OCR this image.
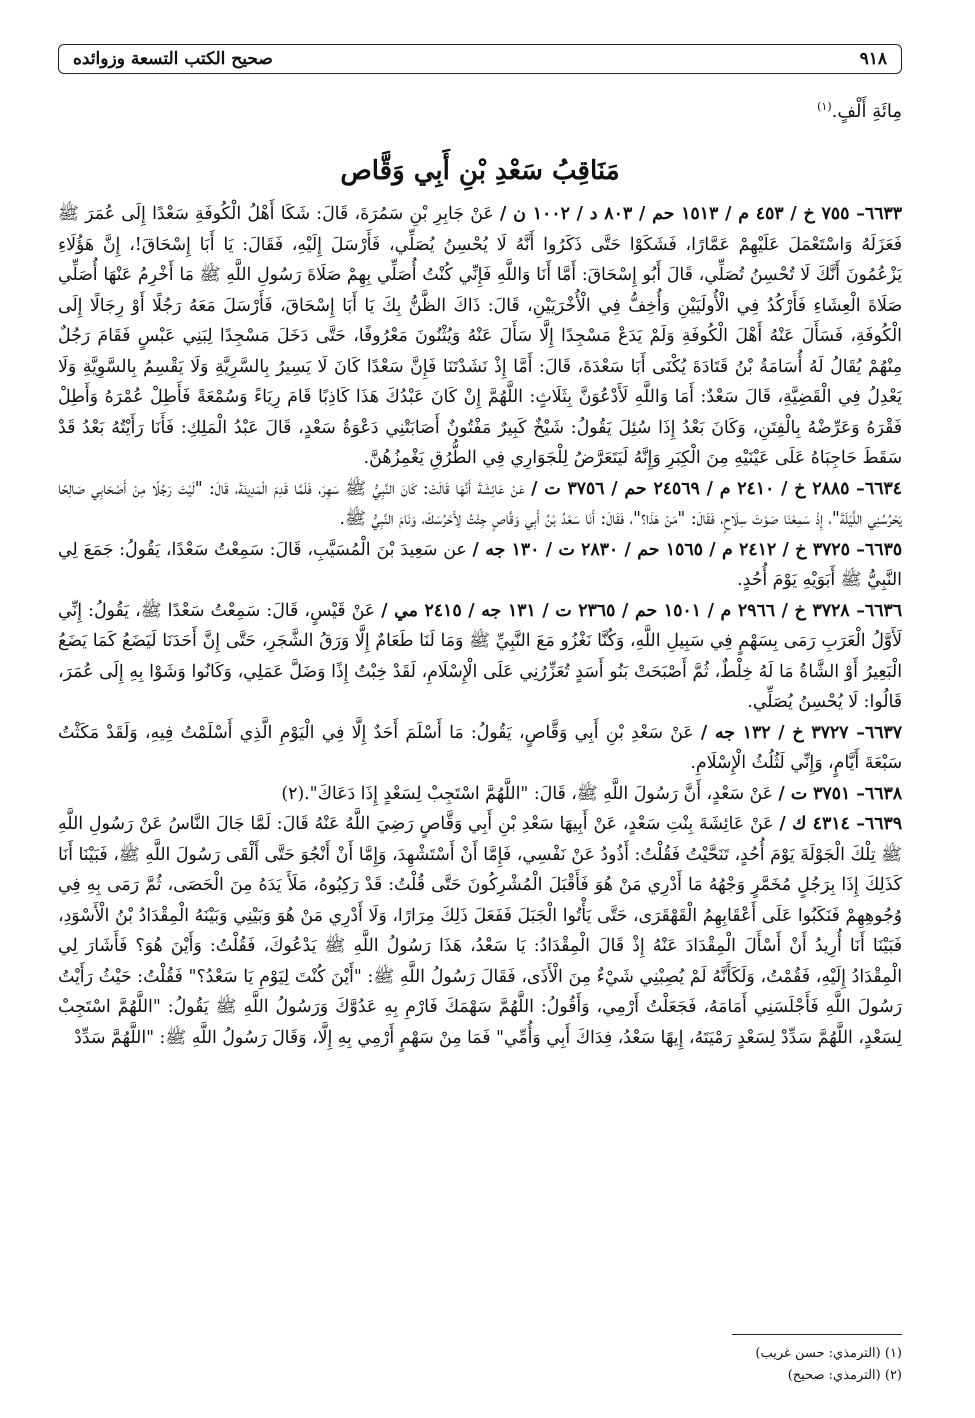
٩١٨
صحيح الكتب التسعة وزوائده
مِائَةِ أَلْفٍ.$^{(١)}$
مَنَاقِبُ سَعْدِ بْنِ أَبِي وَقَّاص

٦٦٣٣– ٧٥٥ خ / ٤٥٣ م / ١٥١٣ حم / ٨٠٣ د / ١٠٠٢ ن / عَنْ جَابِرِ بْنِ سَمُرَةَ، قَالَ: شَكَا أَهْلُ الْكُوفَةِ سَعْدًا إِلَى عُمَرَ ﷺ فَعَزَلَهُ وَاسْتَعْمَلَ عَلَيْهِمْ عَمَّارًا، فَشَكَوْا حَتَّى ذَكَرُوا أَنَّهُ لَا يُحْسِنُ يُصَلِّي، فَأَرْسَلَ إِلَيْهِ، فَقَالَ: يَا أَبَا إِسْحَاقَ!، إِنَّ هَؤُلَاءِ يَزْعُمُونَ أَنَّكَ لَا تُحْسِنُ تُصَلِّي، قَالَ أَبُو إِسْحَاقَ: أَمَّا أَنَا وَاللَّهِ فَإِنِّي كُنْتُ أُصَلِّي بِهِمْ صَلَاةَ رَسُولِ اللَّهِ ﷺ مَا أَخْرِمُ عَنْهَا أُصَلِّي صَلَاةَ الْعِشَاءِ فَأَرْكُدُ فِي الْأُولَيَيْنِ وَأُخِفُّ فِي الْأُخْرَيَيْنِ، قَالَ: ذَاكَ الظَّنُّ بِكَ يَا أَبَا إِسْحَاقَ، فَأَرْسَلَ مَعَهُ رَجُلًا أَوْ رِجَالًا إِلَى الْكُوفَةِ، فَسَأَلَ عَنْهُ أَهْلَ الْكُوفَةِ وَلَمْ يَدَعْ مَسْجِدًا إِلَّا سَأَلَ عَنْهُ وَيُثْنُونَ مَعْرُوفًا، حَتَّى دَخَلَ مَسْجِدًا لِبَنِي عَبْسٍ فَقَامَ رَجُلٌ مِنْهُمْ يُقَالُ لَهُ أُسَامَةُ بْنُ قَتَادَةَ يُكْنَى أَبَا سَعْدَةَ، قَالَ: أَمَّا إِذْ نَشَدْتَنَا فَإِنَّ سَعْدًا كَانَ لَا يَسِيرُ بِالسَّرِيَّةِ وَلَا يَقْسِمُ بِالسَّوِيَّةِ وَلَا يَعْدِلُ فِي الْقَضِيَّةِ، قَالَ سَعْدٌ: أَمَا وَاللَّهِ لَأَدْعُوَنَّ بِثَلَاثٍ: اللَّهُمَّ إِنْ كَانَ عَبْدُكَ هَذَا كَاذِبًا قَامَ رِيَاءً وَسُمْعَةً فَأَطِلْ عُمْرَهُ وَأَطِلْ فَقْرَهُ وَعَرِّضْهُ بِالْفِتَنِ، وَكَانَ بَعْدُ إِذَا سُئِلَ يَقُولُ: شَيْخٌ كَبِيرٌ مَفْتُونٌ أَصَابَتْنِي دَعْوَةُ سَعْدٍ، قَالَ عَبْدُ الْمَلِكِ: فَأَنَا رَأَيْتُهُ بَعْدُ قَدْ سَقَطَ حَاجِبَاهُ عَلَى عَيْنَيْهِ مِنَ الْكِبَرِ وَإِنَّهُ لَيَتَعَرَّضُ لِلْجَوَارِي فِي الطُّرُقِ يَغْمِزُهُنَّ.

٦٦٣٤– ٢٨٨٥ خ / ٢٤١٠ م / ٢٤٥٦٩ حم / ٣٧٥٦ ت / عَنْ عَائِشَةَ أَنَّهَا قَالَتْ: كَانَ النَّبِيُّ ﷺ سَهِرَ، فَلَمَّا قَدِمَ الْمَدِينَةَ، قَالَ: "لَيْتَ رَجُلًا مِنْ أَصْحَابِي صَالِحًا يَحْرُسُنِي اللَّيْلَةَ"، إِذْ سَمِعْنَا صَوْتَ سِلَاحٍ، فَقَالَ: "مَنْ هَذَا؟"، فَقَالَ: أَنَا سَعْدُ بْنُ أَبِي وَقَّاصٍ جِئْتُ لِأَحْرُسَكَ، وَنَامَ النَّبِيُّ ﷺ.

٦٦٣٥– ٣٧٢٥ خ / ٢٤١٢ م / ١٥٦٥ حم / ٢٨٣٠ ت / ١٣٠ جه / عن سَعِيدَ بْنَ الْمُسَيَّبِ، قَالَ: سَمِعْتُ سَعْدًا، يَقُولُ: جَمَعَ لِي النَّبِيُّ ﷺ أَبَوَيْهِ يَوْمَ أُحُدٍ.

٦٦٣٦– ٣٧٢٨ خ / ٢٩٦٦ م / ١٥٠١ حم / ٢٣٦٥ ت / ١٣١ جه / ٢٤١٥ مي / عَنْ قَيْسٍ، قَالَ: سَمِعْتُ سَعْدًا ﷺ، يَقُولُ: إِنِّي لَأَوَّلُ الْعَرَبِ رَمَى بِسَهْمٍ فِي سَبِيلِ اللَّهِ، وَكُنَّا نَغْزُو مَعَ النَّبِيِّ ﷺ وَمَا لَنَا طَعَامٌ إِلَّا وَرَقُ الشَّجَرِ، حَتَّى إِنَّ أَحَدَنَا لَيَضَعُ كَمَا يَضَعُ الْبَعِيرُ أَوْ الشَّاةُ مَا لَهُ خِلْطٌ، ثُمَّ أَصْبَحَتْ بَنُو أَسَدٍ تُعَزِّرُنِي عَلَى الْإِسْلَامِ، لَقَدْ خِبْتُ إِذًا وَضَلَّ عَمَلِي، وَكَانُوا وَشَوْا بِهِ إِلَى عُمَرَ، قَالُوا: لَا يُحْسِنُ يُصَلِّي.

٦٦٣٧– ٣٧٢٧ خ / ١٣٢ جه / عَنْ سَعْدِ بْنِ أَبِي وَقَّاصٍ، يَقُولُ: مَا أَسْلَمَ أَحَدٌ إِلَّا فِي الْيَوْمِ الَّذِي أَسْلَمْتُ فِيهِ، وَلَقَدْ مَكَثْتُ سَبْعَةَ أَيَّامٍ، وَإِنِّي لَثُلُثُ الْإِسْلَامِ.

٦٦٣٨– ٣٧٥١ ت / عَنْ سَعْدٍ، أَنَّ رَسُولَ اللَّهِ ﷺ، قَالَ: "اللَّهُمَّ اسْتَجِبْ لِسَعْدٍ إِذَا دَعَاكَ".(٢)

٦٦٣٩– ٤٣١٤ ك / عَنْ عَائِشَةَ بِنْتِ سَعْدٍ، عَنْ أَبِيهَا سَعْدِ بْنِ أَبِي وَقَّاصٍ رَضِيَ اللَّهُ عَنْهُ قَالَ: لَمَّا جَالَ النَّاسُ عَنْ رَسُولِ اللَّهِ ﷺ تِلْكَ الْجَوْلَةَ يَوْمَ أُحُدٍ، تَنَحَّيْتُ فَقُلْتُ: أَذُودُ عَنْ نَفْسِي، فَإِمَّا أَنْ أَسْتَشْهِدَ، وَإِمَّا أَنْ أَنْجُوَ حَتَّى أَلْقَى رَسُولَ اللَّهِ ﷺ، فَبَيْنَا أَنَا كَذَلِكَ إِذَا بِرَجُلٍ مُخَمَّرٍ وَجْهُهُ مَا أَدْرِي مَنْ هُوَ فَأَقْبَلَ الْمُشْرِكُونَ حَتَّى قُلْتُ: قَدْ رَكِبُوهُ، مَلَأَ يَدَهُ مِنَ الْحَصَى، ثُمَّ رَمَى بِهِ فِي وُجُوهِهِمْ فَنَكَبُوا عَلَى أَعْقَابِهِمُ الْقَهْقَرَى، حَتَّى يَأْتُوا الْجَبَلَ فَفَعَلَ ذَلِكَ مِرَارًا، وَلَا أَدْرِي مَنْ هُوَ وَبَيْنِي وَبَيْنَهُ الْمِقْدَادُ بْنُ الْأَسْوَدِ، فَبَيْنَا أَنَا أُرِيدُ أَنْ أَسْأَلَ الْمِقْدَادَ عَنْهُ إِذْ قَالَ الْمِقْدَادُ: يَا سَعْدُ، هَذَا رَسُولُ اللَّهِ ﷺ يَدْعُوكَ، فَقُلْتُ: وَأَيْنَ هُوَ؟ فَأَشَارَ لِي الْمِقْدَادُ إِلَيْهِ، فَقُمْتُ، وَلَكَأَنَّهُ لَمْ يُصِبْنِي شَيْءٌ مِنَ الْأَذَى، فَقَالَ رَسُولُ اللَّهِ ﷺ: "أَيْنَ كُنْتَ لِيَوْمِ يَا سَعْدُ؟" فَقُلْتُ: حَيْثُ رَأَيْتُ رَسُولَ اللَّهِ فَأَجْلَسَنِي أَمَامَهُ، فَجَعَلْتُ أَرْمِي، وَأَقُولُ: اللَّهُمَّ سَهْمَكَ فَارْمِ بِهِ عَدُوَّكَ وَرَسُولُ اللَّهِ ﷺ يَقُولُ: "اللَّهُمَّ اسْتَجِبْ لِسَعْدٍ، اللَّهُمَّ سَدِّدْ لِسَعْدٍ رَمْيَتَهُ، إِيهًا سَعْدُ، فِدَاكَ أَبِي وَأُمِّي" فَمَا مِنْ سَهْمٍ أَرْمِي بِهِ إِلَّا، وَقَالَ رَسُولُ اللَّهِ ﷺ: "اللَّهُمَّ سَدِّدْ

(١) (الترمذي: حسن غريب)
(٢) (الترمذي: صحيح)
